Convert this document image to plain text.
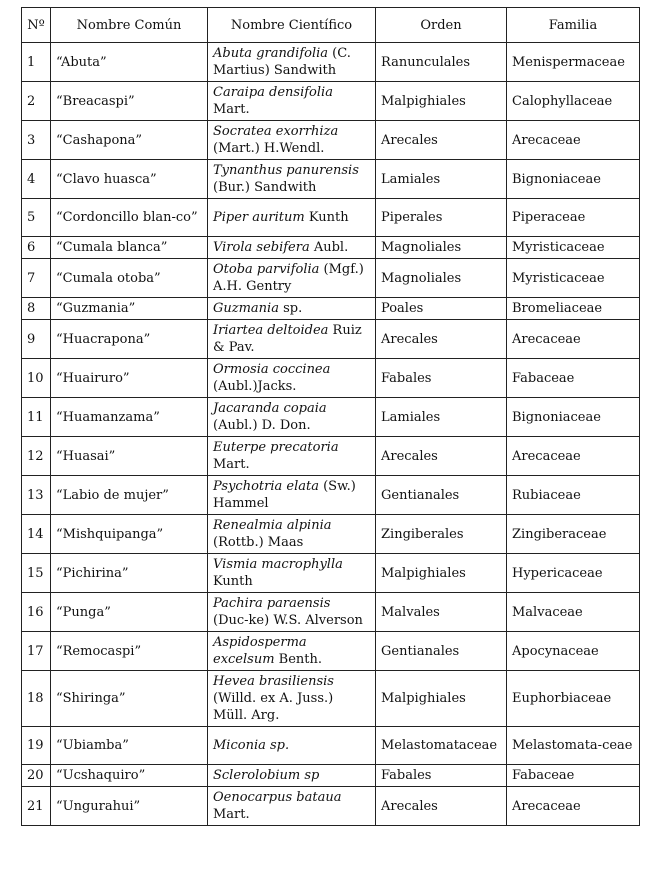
Nº	Nombre Común	Nombre Científico	Orden	Familia
1	“Abuta”	Abuta grandifolia (C. Martius) Sandwith	Ranunculales	Menispermaceae
2	“Breacaspi”	Caraipa densifolia Mart.	Malpighiales	Calophyllaceae
3	“Cashapona”	Socratea exorrhiza (Mart.) H.Wendl.	Arecales	Arecaceae
4	“Clavo huasca”	Tynanthus panurensis (Bur.) Sandwith	Lamiales	Bignoniaceae
5	“Cordoncillo blan-co”	Piper auritum Kunth	Piperales	Piperaceae
6	“Cumala blanca”	Virola sebifera Aubl.	Magnoliales	Myristicaceae
7	“Cumala otoba”	Otoba parvifolia (Mgf.) A.H. Gentry	Magnoliales	Myristicaceae
8	“Guzmania”	Guzmania sp.	Poales	Bromeliaceae
9	“Huacrapona”	Iriartea deltoidea Ruiz & Pav.	Arecales	Arecaceae
10	“Huairuro”	Ormosia coccinea (Aubl.)Jacks.	Fabales	Fabaceae
11	“Huamanzama”	Jacaranda copaia (Aubl.) D. Don.	Lamiales	Bignoniaceae
12	“Huasai”	Euterpe precatoria Mart.	Arecales	Arecaceae
13	“Labio de mujer”	Psychotria elata (Sw.) Hammel	Gentianales	Rubiaceae
14	“Mishquipanga”	Renealmia alpinia (Rottb.) Maas	Zingiberales	Zingiberaceae
15	“Pichirina”	Vismia macrophylla Kunth	Malpighiales	Hypericaceae
16	“Punga”	Pachira paraensis (Duc-ke) W.S. Alverson	Malvales	Malvaceae
17	“Remocaspi”	Aspidosperma excelsum Benth.	Gentianales	Apocynaceae
18	“Shiringa”	Hevea brasiliensis (Willd. ex A. Juss.) Müll. Arg.	Malpighiales	Euphorbiaceae
19	“Ubiamba”	Miconia sp.	Melastomataceae	Melastomata-ceae
20	“Ucshaquiro”	Sclerolobium sp	Fabales	Fabaceae
21	“Ungurahui”	Oenocarpus bataua Mart.	Arecales	Arecaceae
